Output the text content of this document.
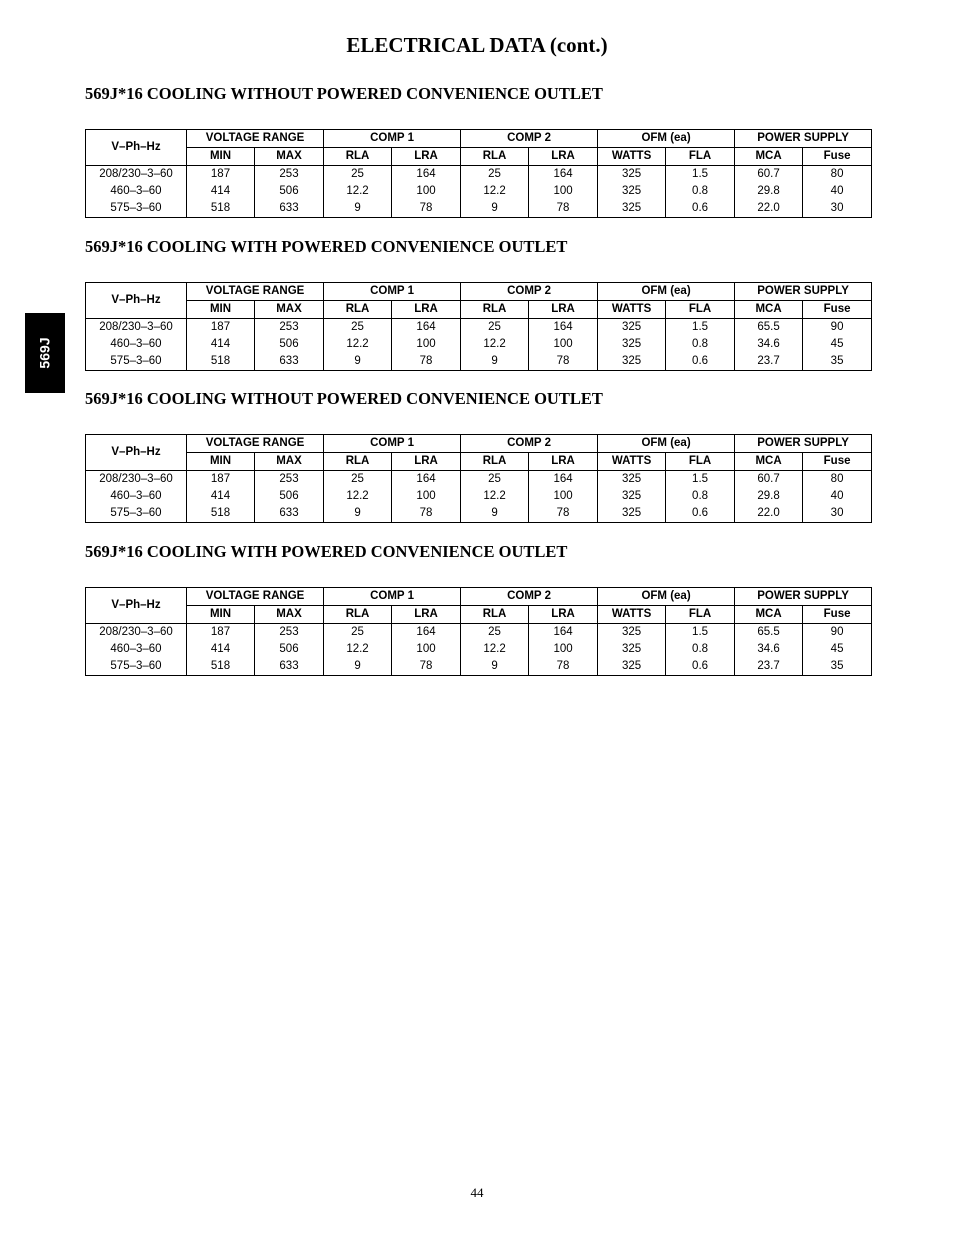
ELECTRICAL DATA (cont.)
569J
569J*16 COOLING WITHOUT POWERED CONVENIENCE OUTLET
V–Ph–Hz	VOLTAGE RANGE		COMP 1		COMP 2		OFM (ea)		POWER SUPPLY	
	MIN	MAX	RLA	LRA	RLA	LRA	WATTS	FLA	MCA	Fuse
208/230–3–60	187	253	25	164	25	164	325	1.5	60.7	80
460–3–60	414	506	12.2	100	12.2	100	325	0.8	29.8	40
575–3–60	518	633	9	78	9	78	325	0.6	22.0	30
569J*16 COOLING WITH POWERED CONVENIENCE OUTLET
V–Ph–Hz	VOLTAGE RANGE		COMP 1		COMP 2		OFM (ea)		POWER SUPPLY	
	MIN	MAX	RLA	LRA	RLA	LRA	WATTS	FLA	MCA	Fuse
208/230–3–60	187	253	25	164	25	164	325	1.5	65.5	90
460–3–60	414	506	12.2	100	12.2	100	325	0.8	34.6	45
575–3–60	518	633	9	78	9	78	325	0.6	23.7	35
569J*16 COOLING WITHOUT POWERED CONVENIENCE OUTLET
V–Ph–Hz	VOLTAGE RANGE		COMP 1		COMP 2		OFM (ea)		POWER SUPPLY	
	MIN	MAX	RLA	LRA	RLA	LRA	WATTS	FLA	MCA	Fuse
208/230–3–60	187	253	25	164	25	164	325	1.5	60.7	80
460–3–60	414	506	12.2	100	12.2	100	325	0.8	29.8	40
575–3–60	518	633	9	78	9	78	325	0.6	22.0	30
569J*16 COOLING WITH POWERED CONVENIENCE OUTLET
V–Ph–Hz	VOLTAGE RANGE		COMP 1		COMP 2		OFM (ea)		POWER SUPPLY	
	MIN	MAX	RLA	LRA	RLA	LRA	WATTS	FLA	MCA	Fuse
208/230–3–60	187	253	25	164	25	164	325	1.5	65.5	90
460–3–60	414	506	12.2	100	12.2	100	325	0.8	34.6	45
575–3–60	518	633	9	78	9	78	325	0.6	23.7	35
44
